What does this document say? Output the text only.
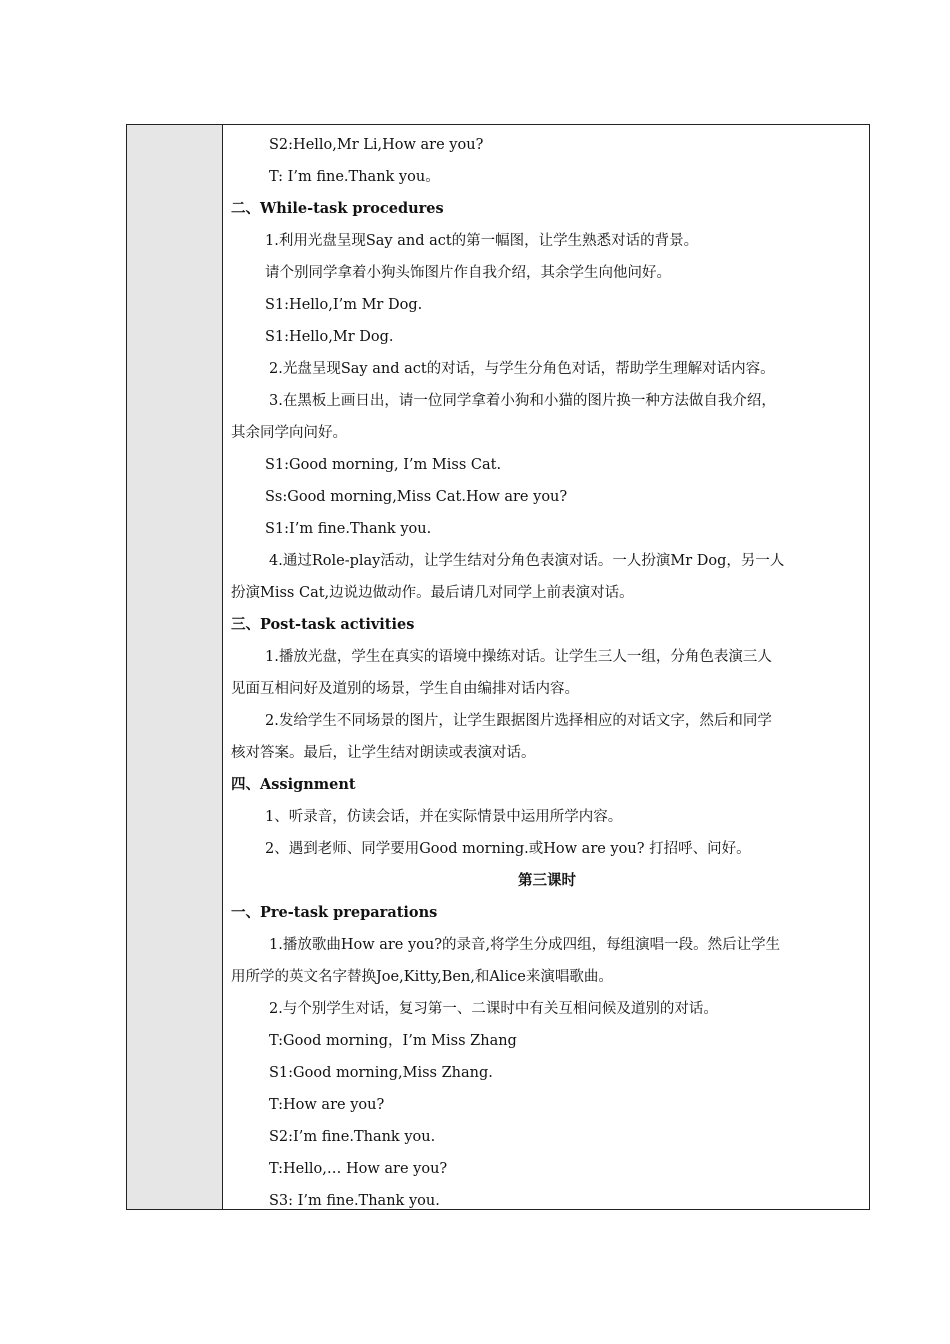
S2:Hello,Mr Li,How are you?
T: I’m fine.Thank you。
二、While-task procedures
1.利用光盘呈现Say and act的第一幅图，让学生熟悉对话的背景。
请个别同学拿着小狗头饰图片作自我介绍，其余学生向他问好。
S1:Hello,I’m Mr Dog.
S1:Hello,Mr Dog.
2.光盘呈现Say and act的对话，与学生分角色对话，帮助学生理解对话内容。
3.在黑板上画日出，请一位同学拿着小狗和小猫的图片换一种方法做自我介绍，
其余同学向问好。
S1:Good morning, I’m Miss Cat.
Ss:Good morning,Miss Cat.How are you?
S1:I’m fine.Thank you.
4.通过Role-play活动，让学生结对分角色表演对话。一人扮演Mr Dog，另一人
扮演Miss Cat,边说边做动作。最后请几对同学上前表演对话。
三、Post-task activities
1.播放光盘，学生在真实的语境中操练对话。让学生三人一组，分角色表演三人
见面互相问好及道别的场景，学生自由编排对话内容。
2.发给学生不同场景的图片，让学生跟据图片选择相应的对话文字，然后和同学
核对答案。最后，让学生结对朗读或表演对话。
四、Assignment
1、听录音，仿读会话，并在实际情景中运用所学内容。
2、遇到老师、同学要用Good morning.或How are you? 打招呼、问好。
第三课时
一、Pre-task preparations
1.播放歌曲How are you?的录音,将学生分成四组，每组演唱一段。然后让学生
用所学的英文名字替换Joe,Kitty,Ben,和Alice来演唱歌曲。
2.与个别学生对话，复习第一、二课时中有关互相问候及道别的对话。
T:Good morning，I’m Miss Zhang
S1:Good morning,Miss Zhang.
T:How are you?
S2:I’m fine.Thank you.
T:Hello,… How are you?
S3: I’m fine.Thank you.
